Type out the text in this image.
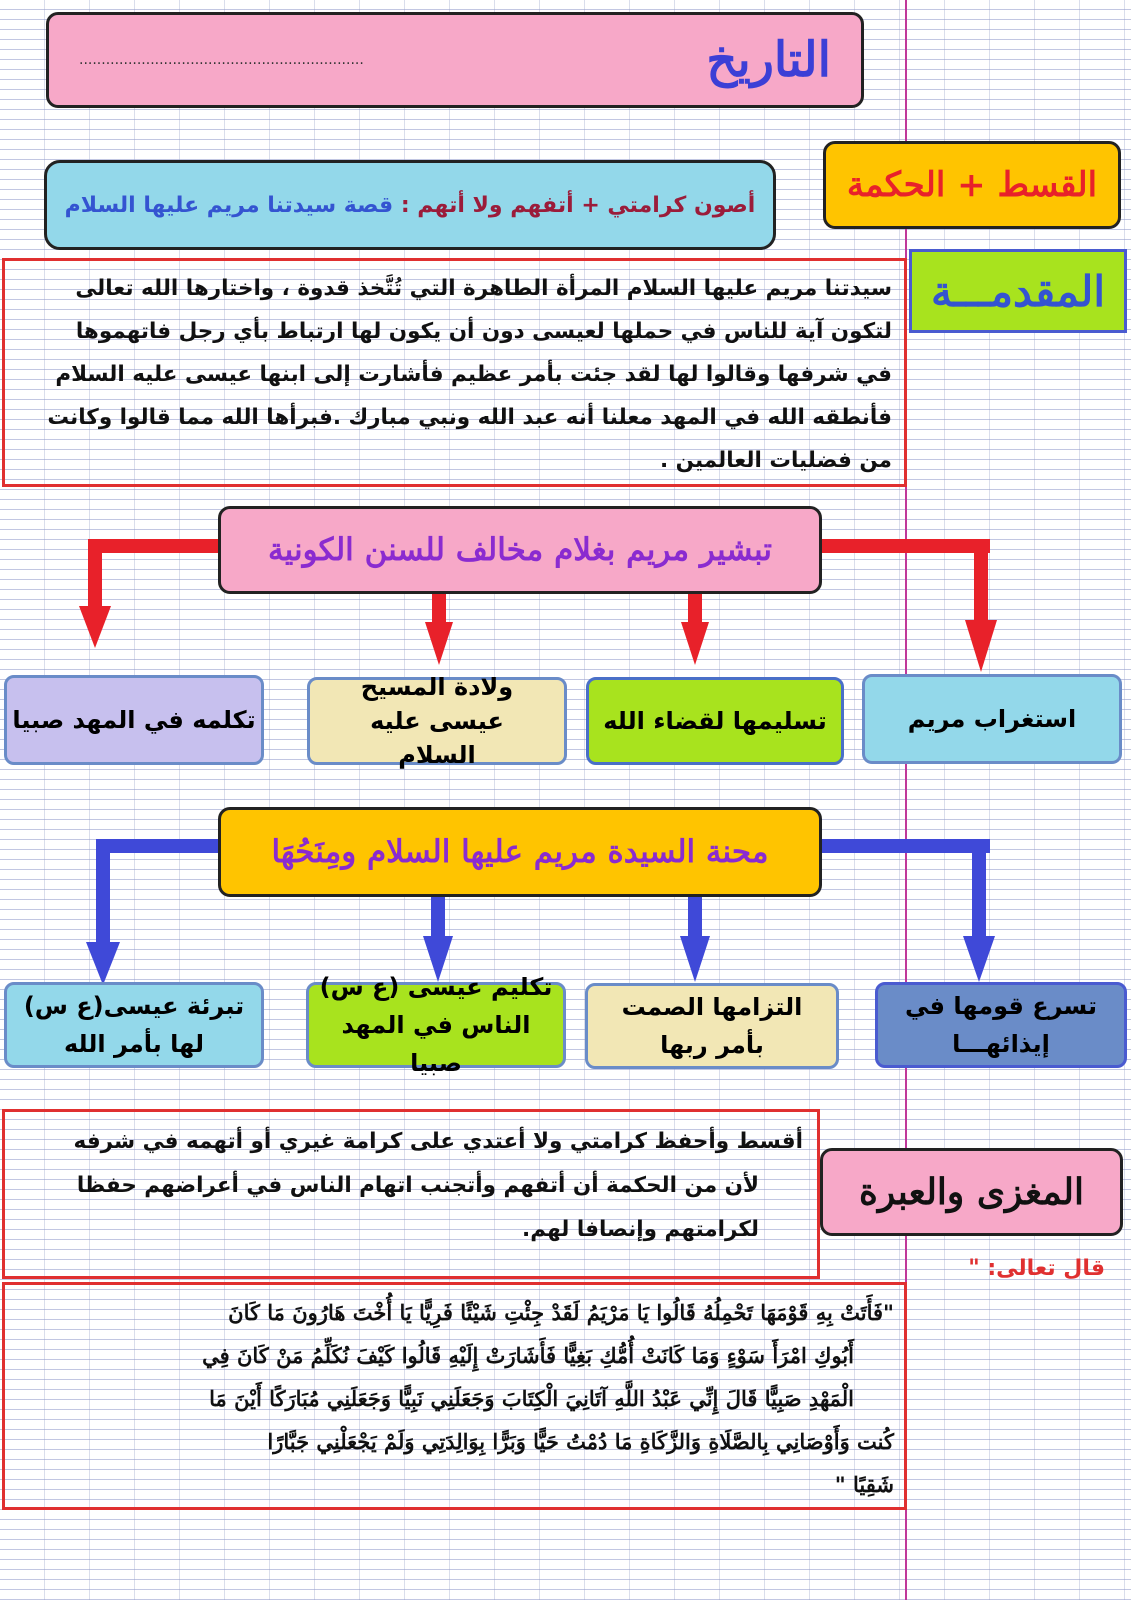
التاريخ
................................................................
أصون كرامتي + أتفهم ولا أتهم :

قصة سيدتنا مريم عليها السلام	القسط + الحكمة
المقدمـــة
سيدتنا مريم عليها السلام المرأة الطاهرة التي تُتَّخذ قدوة ، واختارها الله تعالى
لتكون آية للناس في حملها لعيسى دون أن يكون لها ارتباط بأي رجل فاتهموها
في شرفها وقالوا لها لقد جئت بأمر عظيم فأشارت إلى ابنها عيسى عليه السلام
فأنطقه الله في المهد معلنا أنه عبد الله ونبي مبارك .فبرأها الله مما قالوا وكانت
من فضليات العالمين .
تبشير مريم بغلام مخالف للسنن الكونية
استغراب مريم
تسليمها لقضاء الله
ولادة المسيح عيسى عليه السلام
تكلمه في المهد صبيا
محنة السيدة مريم عليها السلام ومِنَحُهَا
تسرع قومها في إيذائهـــا
التزامها الصمت بأمر ربها
تكليم عيسى (ع س) الناس في المهد صبيا
تبرئة عيسى(ع س) لها بأمر الله
أقسط وأحفظ كرامتي ولا أعتدي على كرامة غيري أو أتهمه في شرفه
لأن من الحكمة أن أتفهم وأتجنب اتهام الناس في أعراضهم حفظا
لكرامتهم وإنصافا لهم.
المغزى والعبرة
قال تعالى: "
"فَأَتَتْ بِهِ قَوْمَهَا تَحْمِلُهُ قَالُوا يَا مَرْيَمُ لَقَدْ جِئْتِ شَيْئًا فَرِيًّا يَا أُخْتَ هَارُونَ مَا كَانَ
أَبُوكِ امْرَأَ سَوْءٍ وَمَا كَانَتْ أُمُّكِ بَغِيًّا فَأَشَارَتْ إِلَيْهِ قَالُوا كَيْفَ نُكَلِّمُ مَنْ كَانَ فِي
الْمَهْدِ صَبِيًّا قَالَ إِنِّي عَبْدُ اللَّهِ آتَانِيَ الْكِتَابَ وَجَعَلَنِي نَبِيًّا وَجَعَلَنِي مُبَارَكًا أَيْنَ مَا
كُنت وَأَوْصَانِي بِالصَّلَاةِ وَالزَّكَاةِ مَا دُمْتُ حَيًّا وَبَرًّا بِوَالِدَتِي وَلَمْ يَجْعَلْنِي جَبَّارًا
شَقِيًا "
